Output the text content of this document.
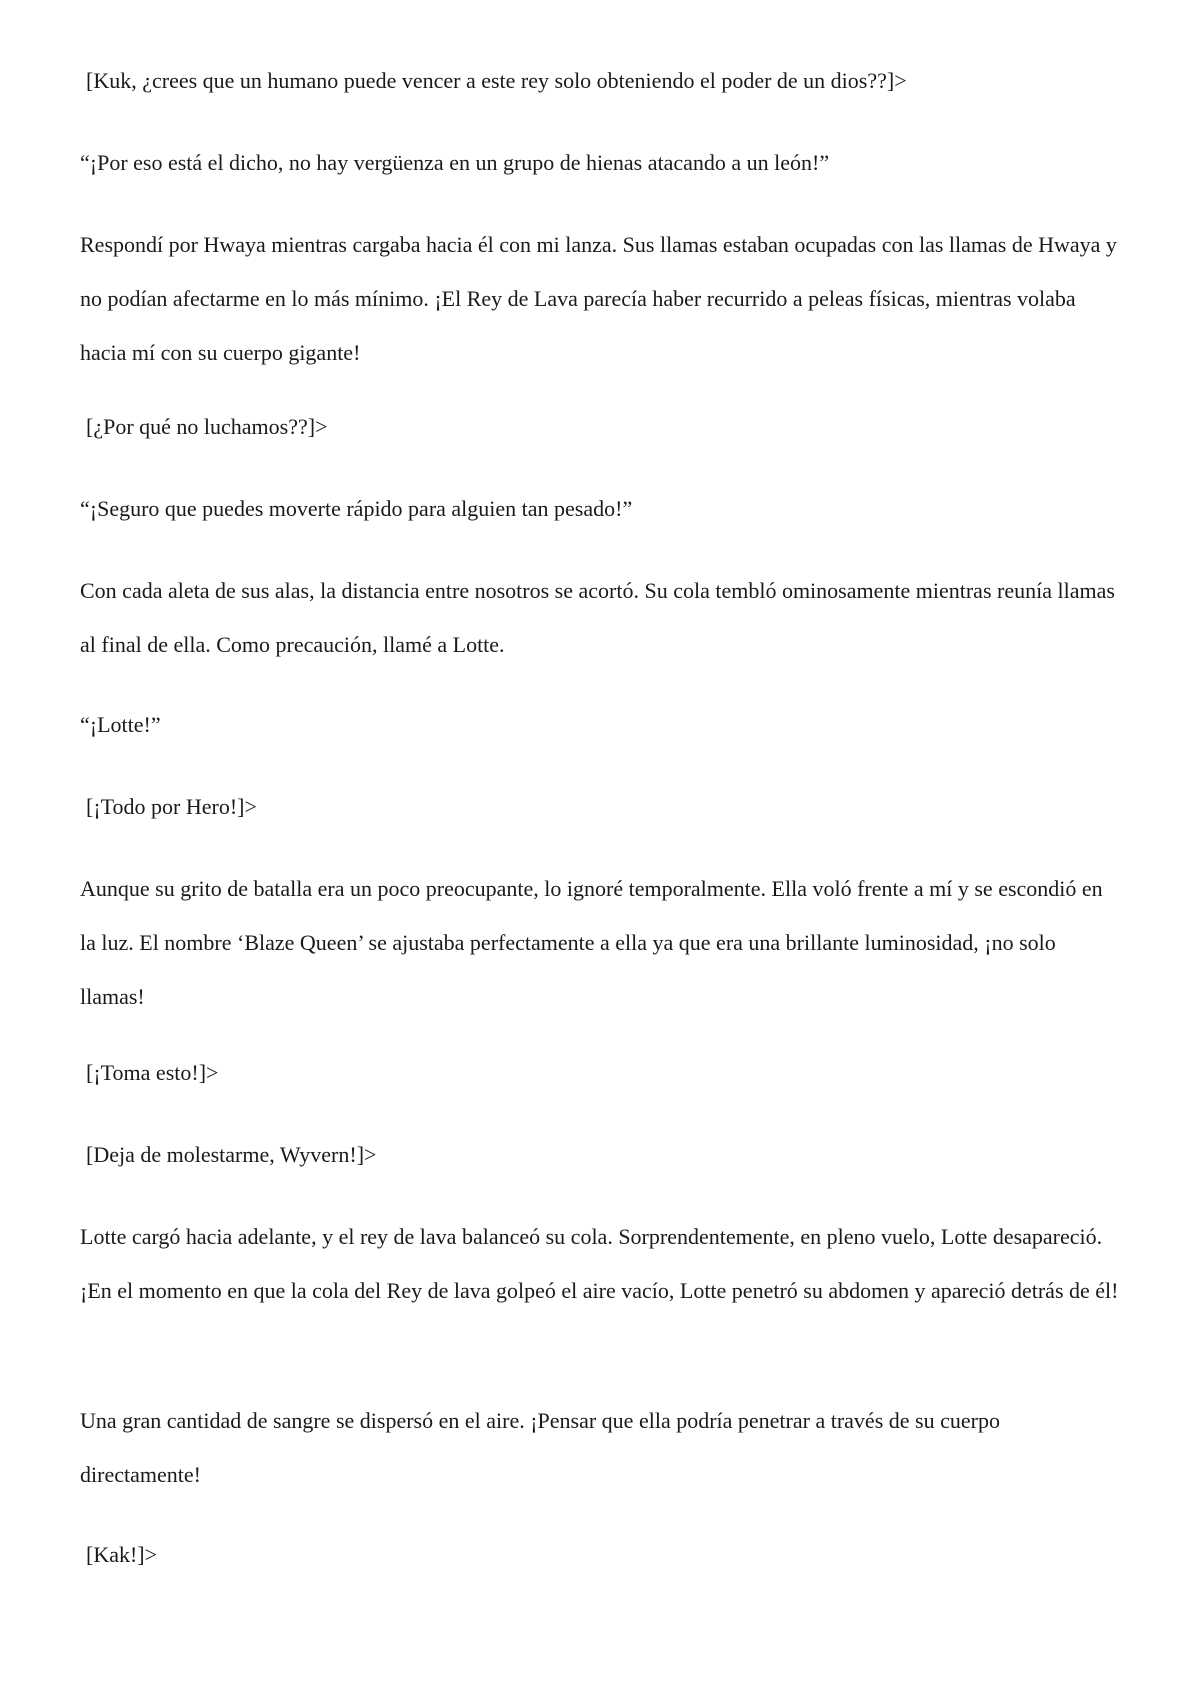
[Kuk, ¿crees que un humano puede vencer a este rey solo obteniendo el poder de un dios??]>

“¡Por eso está el dicho, no hay vergüenza en un grupo de hienas atacando a un león!”

Respondí por Hwaya mientras cargaba hacia él con mi lanza. Sus llamas estaban ocupadas con las llamas de Hwaya y no podían afectarme en lo más mínimo. ¡El Rey de Lava parecía haber recurrido a peleas físicas, mientras volaba hacia mí con su cuerpo gigante!

[¿Por qué no luchamos??]>

“¡Seguro que puedes moverte rápido para alguien tan pesado!”

Con cada aleta de sus alas, la distancia entre nosotros se acortó. Su cola tembló ominosamente mientras reunía llamas al final de ella. Como precaución, llamé a Lotte.

“¡Lotte!”

[¡Todo por Hero!]>

Aunque su grito de batalla era un poco preocupante, lo ignoré temporalmente. Ella voló frente a mí y se escondió en la luz. El nombre ‘Blaze Queen’ se ajustaba perfectamente a ella ya que era una brillante luminosidad, ¡no solo llamas!

[¡Toma esto!]>

[Deja de molestarme, Wyvern!]>

Lotte cargó hacia adelante, y el rey de lava balanceó su cola. Sorprendentemente, en pleno vuelo, Lotte desapareció. ¡En el momento en que la cola del Rey de lava golpeó el aire vacío, Lotte penetró su abdomen y apareció detrás de él!

Una gran cantidad de sangre se dispersó en el aire. ¡Pensar que ella podría penetrar a través de su cuerpo directamente!

[Kak!]>
